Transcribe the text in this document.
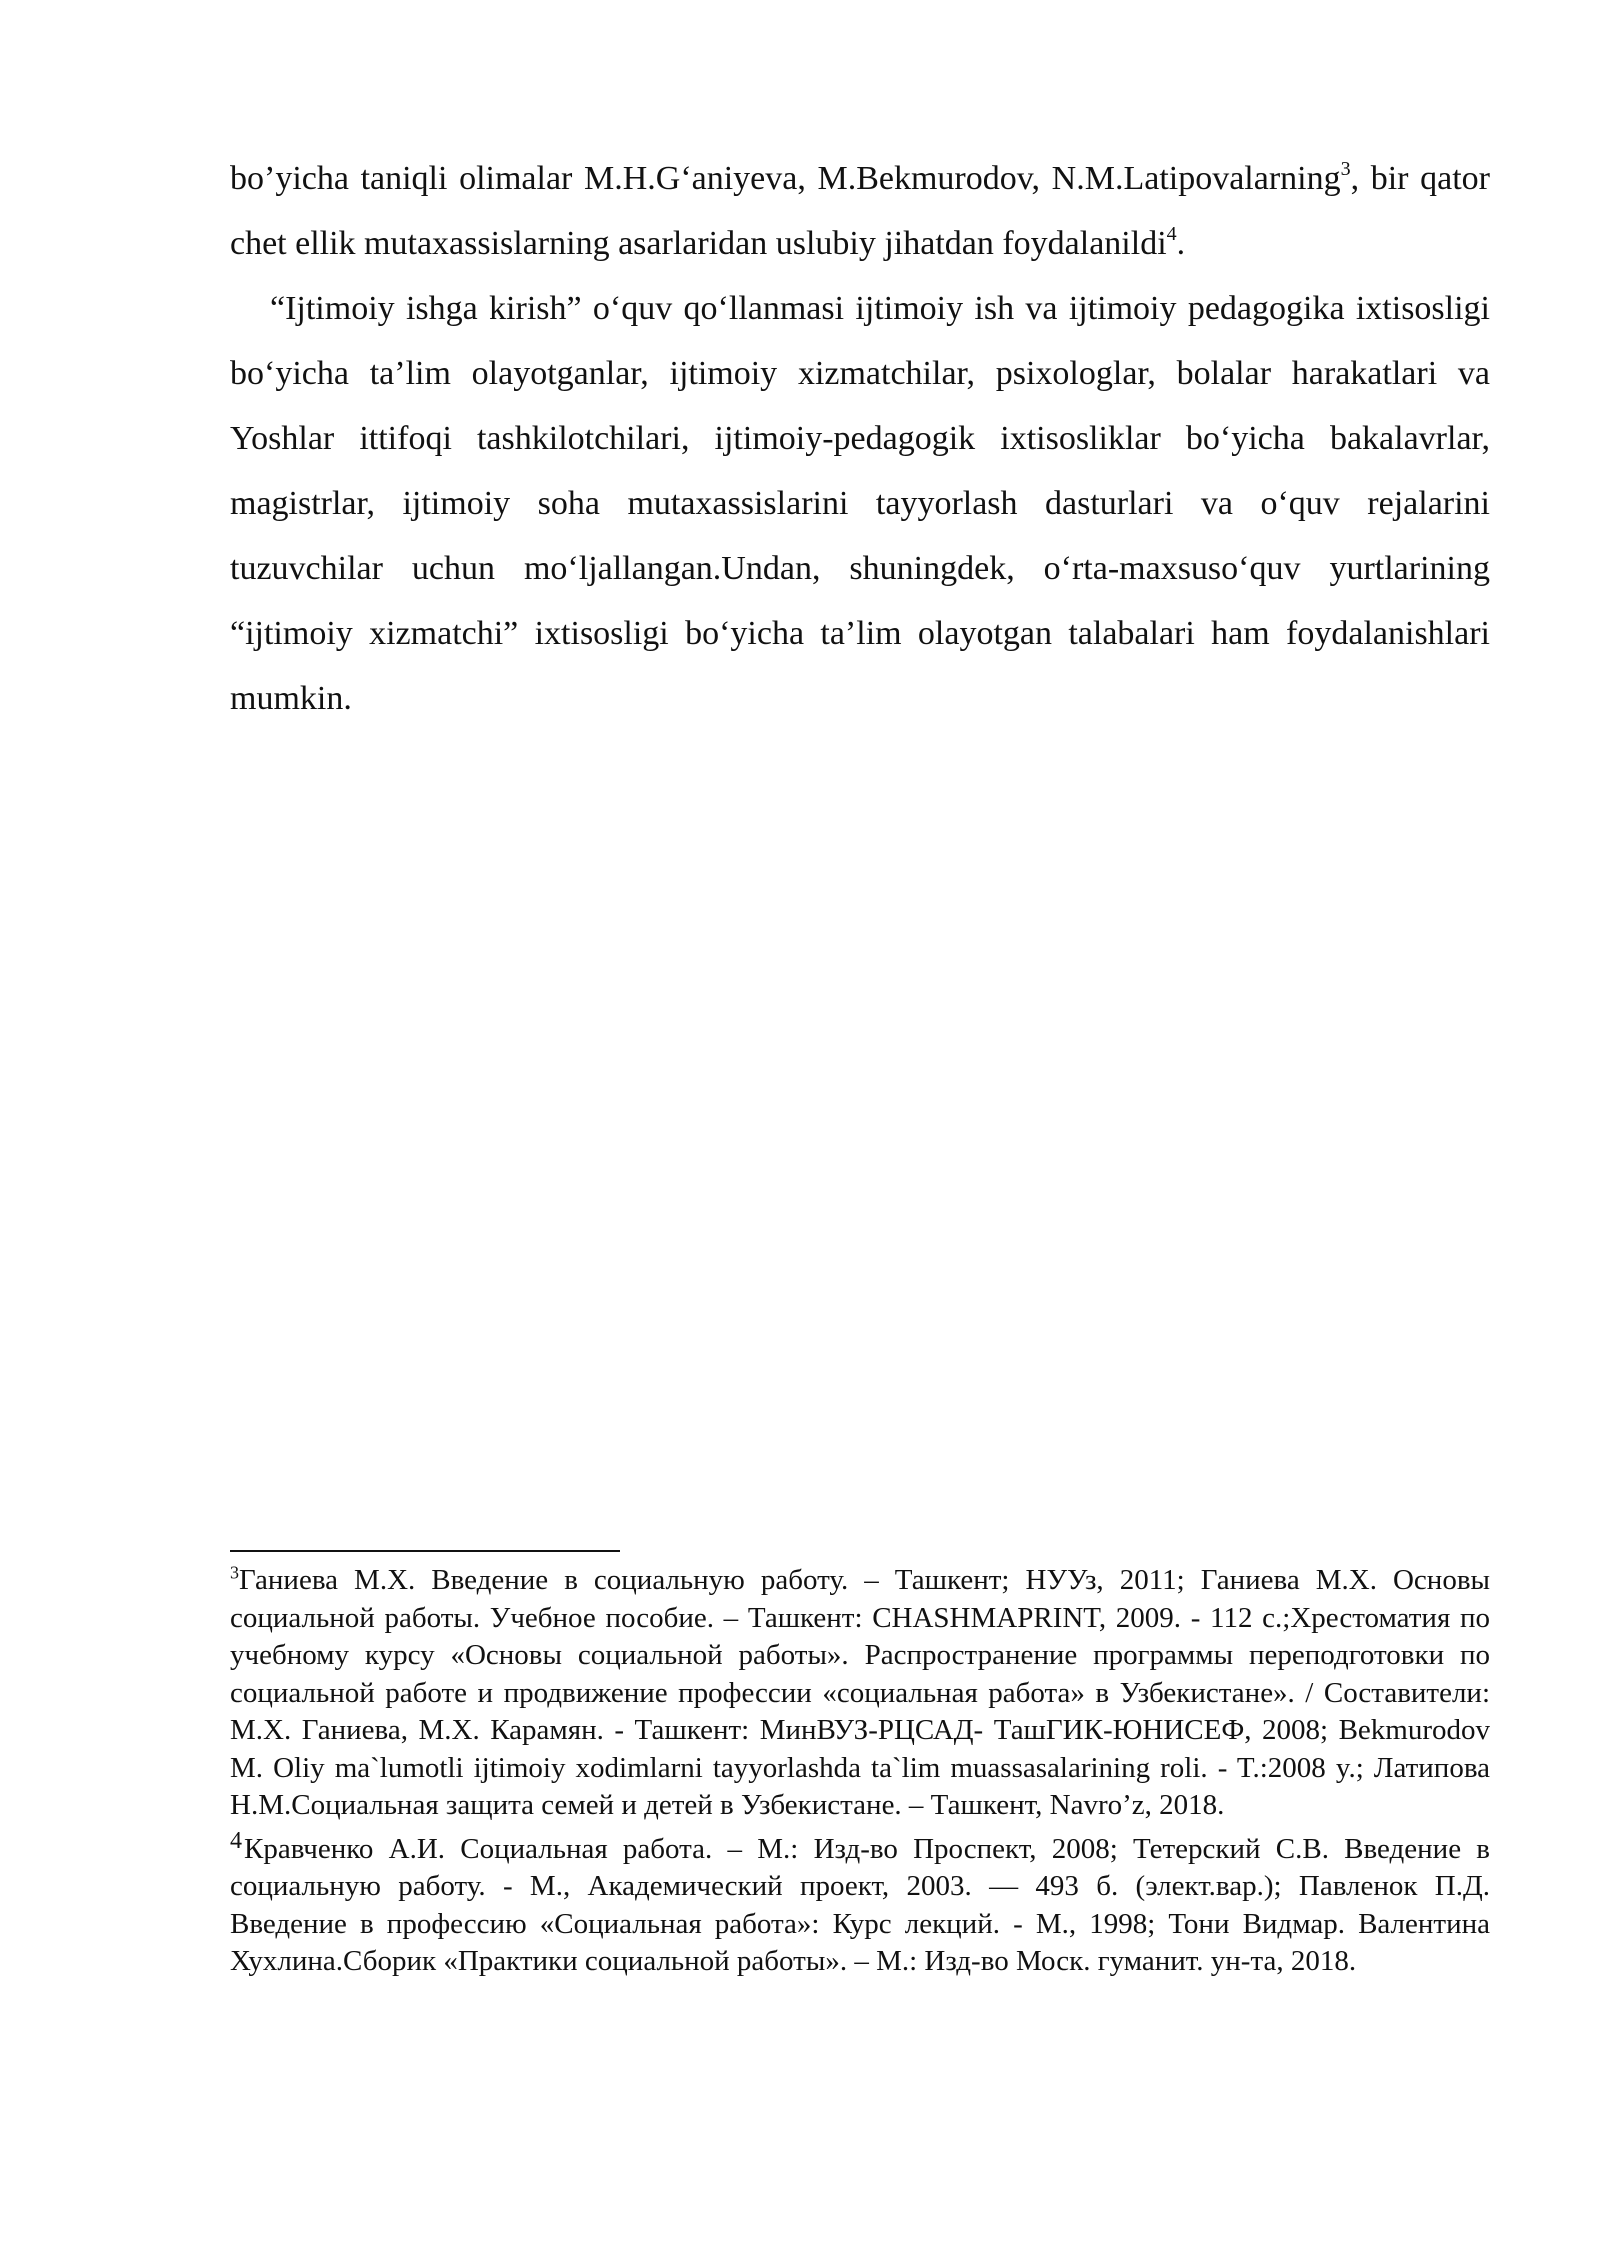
bo’yicha taniqli olimalar M.H.G‘aniyeva, M.Bekmurodov, N.M.Latipovalarning$^3$, bir qator chet ellik mutaxassislarning asarlaridan uslubiy jihatdan foydalanildi$^4$.

“Ijtimoiy ishga kirish” o‘quv qo‘llanmasi ijtimoiy ish va ijtimoiy pedagogika ixtisosligi bo‘yicha ta’lim olayotganlar, ijtimoiy xizmatchilar, psixologlar, bolalar harakatlari va Yoshlar ittifoqi tashkilotchilari, ijtimoiy-pedagogik ixtisosliklar bo‘yicha bakalavrlar, magistrlar, ijtimoiy soha mutaxassislarini tayyorlash dasturlari va o‘quv rejalarini tuzuvchilar uchun mo‘ljallangan.Undan, shuningdek, o‘rta-maxsuso‘quv yurtlarining “ijtimoiy xizmatchi” ixtisosligi bo‘yicha ta’lim olayotgan talabalari ham foydalanishlari mumkin.

$^3$Ганиева М.Х. Введение в социальную работу. – Ташкент; НУУз, 2011; Ганиева М.Х. Основы социальной работы. Учебное пособие. – Ташкент: CHASHMAPRINT, 2009. - 112 с.;Хрестоматия по учебному курсу «Основы социальной работы». Распространение программы переподготовки по социальной работе и продвижение профессии «социальная работа» в Узбекистане». / Составители: М.Х. Ганиева, М.Х. Карамян. - Ташкент: МинВУЗ-РЦСАД- ТашГИК-ЮНИСЕФ, 2008; Bekmurodov M. Oliy ma`lumotli ijtimoiy xodimlarni tayyorlashda ta`lim muassasalarining roli. - T.:2008 y.; Латипова Н.М.Социальная защита семей и детей в Узбекистане. – Ташкент, Navro’z, 2018.

$^4$Кравченко А.И. Социальная работа. – М.: Изд-во Проспект, 2008; Тетерский С.В. Введение в социальную работу. - М., Академический проект, 2003. — 493 б. (элект.вар.); Павленок П.Д. Введение в профессию «Социальная работа»: Курс лекций. - М., 1998; Тони Видмар. Валентина Хухлина.Сборик «Практики социальной работы». – М.: Изд-во Моск. гуманит. ун-та, 2018.
